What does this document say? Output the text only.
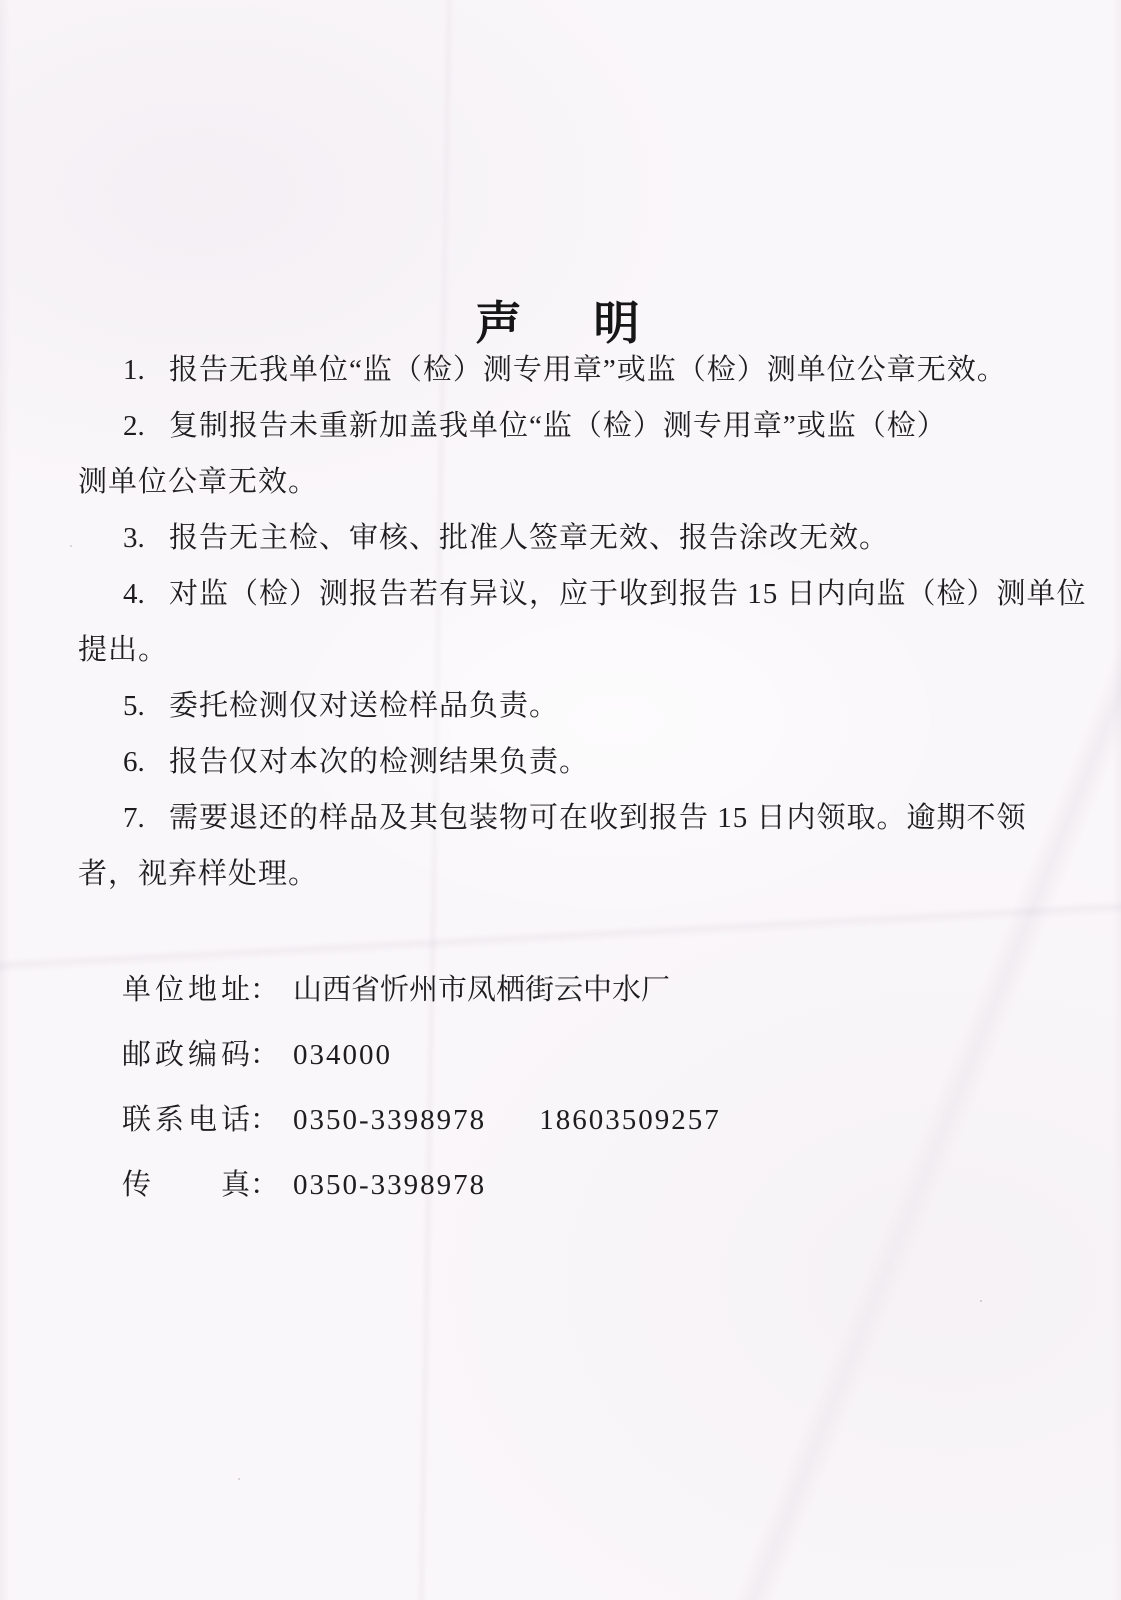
声 明
1. 报告无我单位“监（检）测专用章”或监（检）测单位公章无效。
2. 复制报告未重新加盖我单位“监（检）测专用章”或监（检）
测单位公章无效。
3. 报告无主检、审核、批准人签章无效、报告涂改无效。
4. 对监（检）测报告若有异议，应于收到报告 15 日内向监（检）测单位
提出。
5. 委托检测仅对送检样品负责。
6. 报告仅对本次的检测结果负责。
7. 需要退还的样品及其包装物可在收到报告 15 日内领取。逾期不领
者，视弃样处理。
单位地址： 山西省忻州市凤栖街云中水厂
邮政编码： 034000
联系电话： 0350-3398978 18603509257
传真： 0350-3398978
